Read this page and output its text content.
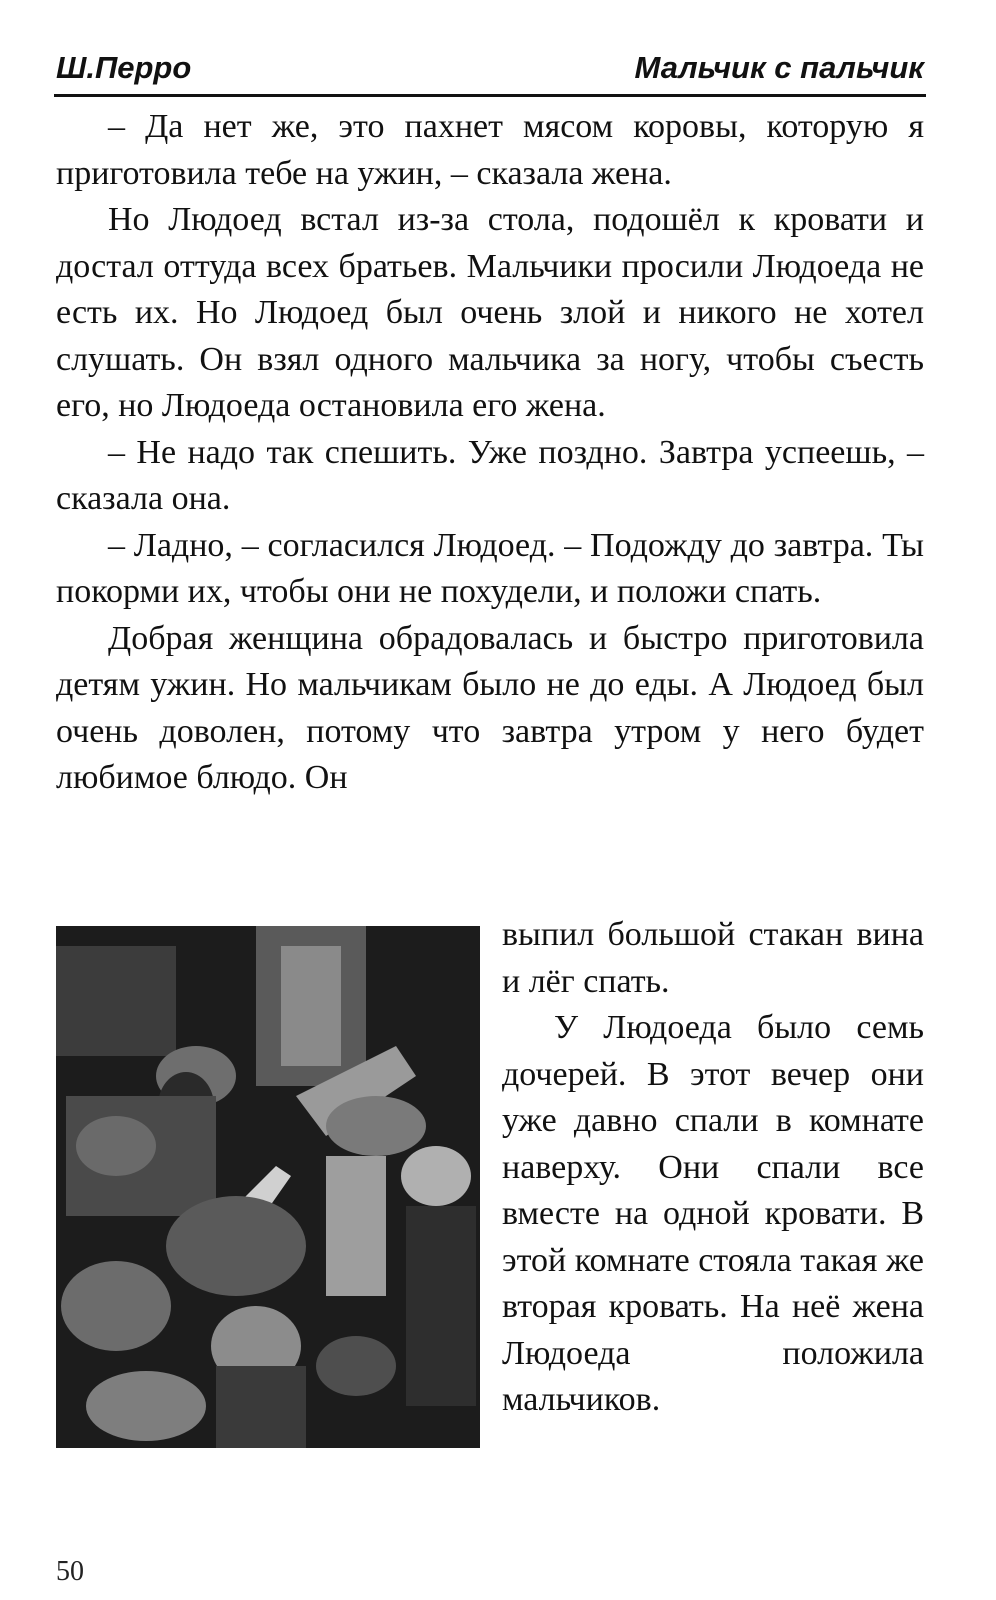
Ш.Перро	Мальчик с пальчик

– Да нет же, это пахнет мясом коровы, которую я приготовила тебе на ужин, – сказала жена.

Но Людоед встал из-за стола, подошёл к кровати и достал оттуда всех братьев. Мальчики просили Людоеда не есть их. Но Людоед был очень злой и никого не хотел слушать. Он взял одного мальчика за ногу, чтобы съесть его, но Людоеда остановила его жена.

– Не надо так спешить. Уже поздно. Завтра успеешь, – сказала она.

– Ладно, – согласился Людоед. – Подожду до завтра. Ты покорми их, чтобы они не похудели, и положи спать.

Добрая женщина обрадовалась и быстро приготовила детям ужин. Но мальчикам было не до еды. А Людоед был очень доволен, потому что завтра утром у него будет любимое блюдо. Он

выпил большой стакан вина и лёг спать.

У Людоеда было семь дочерей. В этот вечер они уже давно спали в комнате наверху. Они спали все вместе на одной кровати. В этой комнате стояла такая же вторая кровать. На неё жена Людоеда положила мальчиков.

50
